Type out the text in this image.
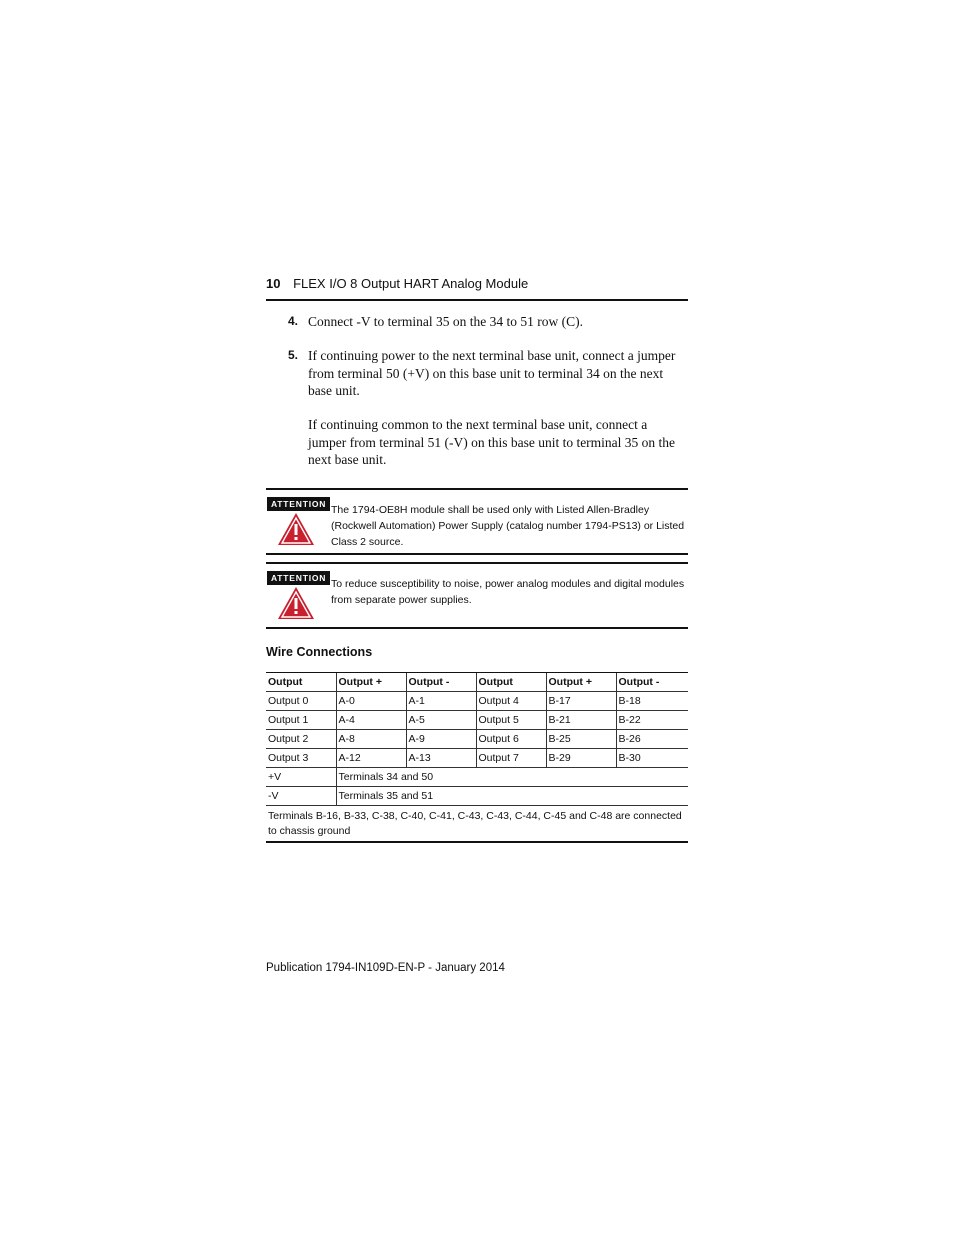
10 FLEX I/O 8 Output HART Analog Module
4. Connect -V to terminal 35 on the 34 to 51 row (C).
5. If continuing power to the next terminal base unit, connect a jumper from terminal 50 (+V) on this base unit to terminal 34 on the next base unit.
If continuing common to the next terminal base unit, connect a jumper from terminal 51 (-V) on this base unit to terminal 35 on the next base unit.
ATTENTION The 1794-OE8H module shall be used only with Listed Allen-Bradley (Rockwell Automation) Power Supply (catalog number 1794-PS13) or Listed Class 2 source.
ATTENTION To reduce susceptibility to noise, power analog modules and digital modules from separate power supplies.
Wire Connections
Output	Output +	Output -	Output	Output +	Output -
Output 0	A-0	A-1	Output 4	B-17	B-18
Output 1	A-4	A-5	Output 5	B-21	B-22
Output 2	A-8	A-9	Output 6	B-25	B-26
Output 3	A-12	A-13	Output 7	B-29	B-30
+V	Terminals 34 and 50				
-V	Terminals 35 and 51				
Terminals B-16, B-33, C-38, C-40, C-41, C-43, C-43, C-44, C-45 and C-48 are connected to chassis ground					
Publication 1794-IN109D-EN-P - January 2014
